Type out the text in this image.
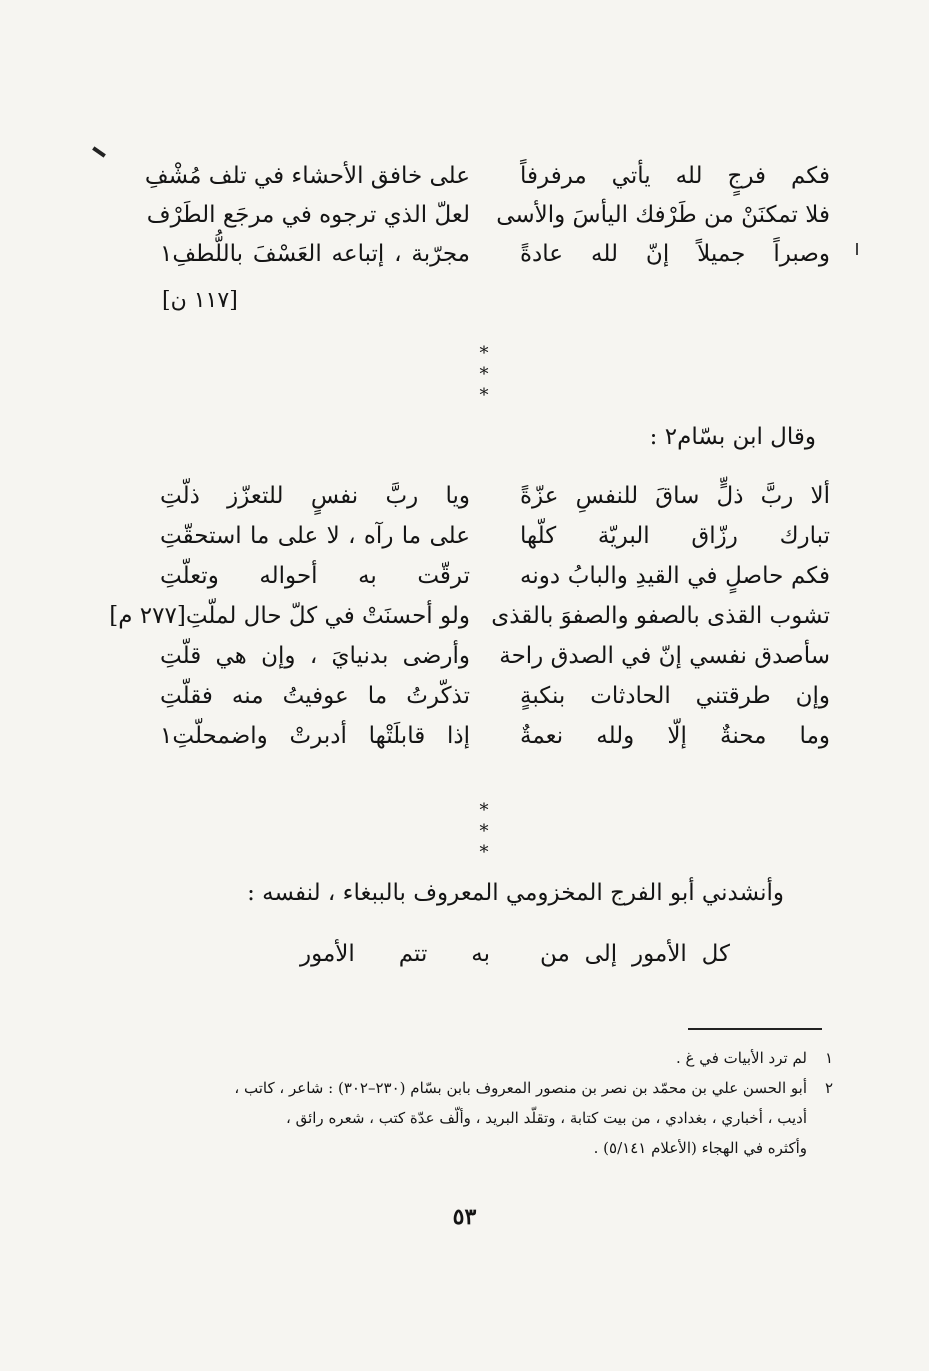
فكم فرجٍ لله يأتي مرفرفاً
على خافق الأحشاء في تلف مُشْفِ
فلا تمكنَنْ من طَرْفك اليأسَ والأسى
لعلّ الذي ترجوه في مرجَع الطَرْف
وصبراً جميلاً إنّ لله عادةً
مجرّبة ، إتباعه العَسْفَ باللُّطفِ١
[١١٧ ن]
* * *
وقال ابن بسّام٢ :
ألا ربَّ ذلٍّ ساقَ للنفسِ عزّةً
ويا ربَّ نفسٍ للتعزّز ذلّتِ
تبارك رزّاق البريّة كلّها
على ما رآه ، لا على ما استحقّتِ
فكم حاصلٍ في القيدِ والبابُ دونه
ترقّت به أحواله وتعلّتِ
تشوب القذى بالصفو والصفوَ بالقذى
ولو أحسنَتْ في كلّ حال لملّتِ[٢٧٧ م]
سأصدق نفسي إنّ في الصدق راحة
وأرضى بدنيايَ ، وإن هي قلّتِ
وإن طرقتني الحادثات بنكبةٍ
تذكّرتُ ما عوفيتُ منه فقلّتِ
وما محنةٌ إلّا ولله نعمةٌ
إذا قابلَتْها أدبرتْ واضمحلّتِ١
* * *
وأنشدني أبو الفرج المخزومي المعروف بالببغاء ، لنفسه :
كل الأمور إلى من
به تتم الأمور
١
لم ترد الأبيات في غ .
٢
أبو الحسن علي بن محمّد بن نصر بن منصور المعروف بابن بسّام (٢٣٠–٣٠٢) : شاعر ، كاتب ،
أديب ، أخباري ، بغدادي ، من بيت كتابة ، وتقلّد البريد ، وألّف عدّة كتب ، شعره رائق ،
وأكثره في الهجاء (الأعلام ٥/١٤١) .
٥٣
